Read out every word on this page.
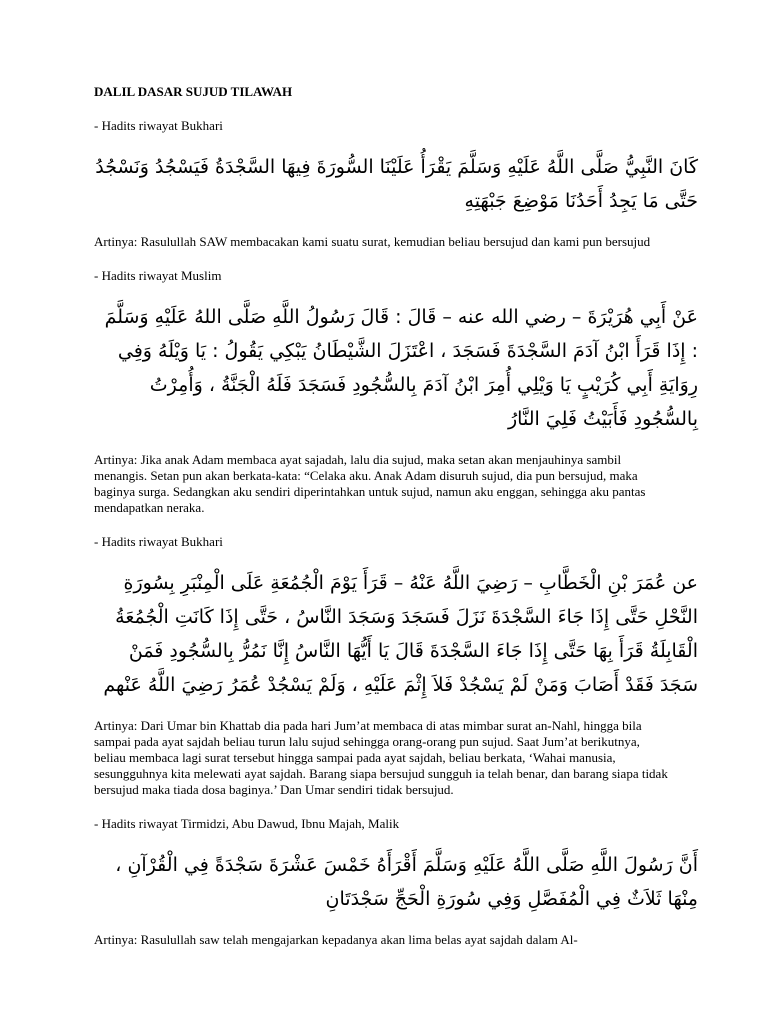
DALIL DASAR SUJUD TILAWAH
- Hadits riwayat Bukhari
كَانَ النَّبِيُّ صَلَّى اللَّهُ عَلَيْهِ وَسَلَّمَ يَقْرَأُ عَلَيْنَا السُّورَةَ فِيهَا السَّجْدَةُ فَيَسْجُدُ وَنَسْجُدُ حَتَّى مَا يَجِدُ أَحَدُنَا مَوْضِعَ جَبْهَتِهِ
Artinya: Rasulullah SAW membacakan kami suatu surat, kemudian beliau bersujud dan kami pun bersujud
- Hadits riwayat Muslim
عَنْ أَبِي هُرَيْرَةَ – رضي الله عنه – قَالَ : قَالَ رَسُولُ اللَّهِ صَلَّى اللهُ عَلَيْهِ وَسَلَّمَ : إِذَا قَرَأَ ابْنُ آدَمَ السَّجْدَةَ فَسَجَدَ ، اعْتَزَلَ الشَّيْطَانُ يَبْكِي يَقُولُ : يَا وَيْلَهُ وَفِي رِوَايَةِ أَبِي كُرَيْبٍ يَا وَيْلِي أُمِرَ ابْنُ آدَمَ بِالسُّجُودِ فَسَجَدَ فَلَهُ الْجَنَّةُ ، وَأُمِرْتُ بِالسُّجُودِ فَأَبَيْتُ فَلِيَ النَّارُ
Artinya: Jika anak Adam membaca ayat sajadah, lalu dia sujud, maka setan akan menjauhinya sambil menangis. Setan pun akan berkata-kata: “Celaka aku. Anak Adam disuruh sujud, dia pun bersujud, maka baginya surga. Sedangkan aku sendiri diperintahkan untuk sujud, namun aku enggan, sehingga aku pantas mendapatkan neraka.
- Hadits riwayat Bukhari
عن عُمَرَ بْنِ الْخَطَّابِ – رَضِيَ اللَّهُ عَنْهُ – قَرَأَ يَوْمَ الْجُمُعَةِ عَلَى الْمِنْبَرِ بِسُورَةِ النَّحْلِ حَتَّى إِذَا جَاءَ السَّجْدَةَ نَزَلَ فَسَجَدَ وَسَجَدَ النَّاسُ ، حَتَّى إِذَا كَانَتِ الْجُمُعَةُ الْقَابِلَةُ قَرَأَ بِهَا حَتَّى إِذَا جَاءَ السَّجْدَةَ قَالَ يَا أَيُّهَا النَّاسُ إِنَّا نَمُرُّ بِالسُّجُودِ فَمَنْ سَجَدَ فَقَدْ أَصَابَ وَمَنْ لَمْ يَسْجُدْ فَلاَ إِثْمَ عَلَيْهِ ، وَلَمْ يَسْجُدْ عُمَرُ رَضِيَ اللَّهُ عَنْهم
Artinya: Dari Umar bin Khattab dia pada hari Jum’at membaca di atas mimbar surat an-Nahl, hingga bila sampai pada ayat sajdah beliau turun lalu sujud sehingga orang-orang pun sujud. Saat Jum’at berikutnya, beliau membaca lagi surat tersebut hingga sampai pada ayat sajdah, beliau berkata, ‘Wahai manusia, sesungguhnya kita melewati ayat sajdah. Barang siapa bersujud sungguh ia telah benar, dan barang siapa tidak bersujud maka tiada dosa baginya.’ Dan Umar sendiri tidak bersujud.
- Hadits riwayat Tirmidzi, Abu Dawud, Ibnu Majah, Malik
أَنَّ رَسُولَ اللَّهِ صَلَّى اللَّهُ عَلَيْهِ وَسَلَّمَ أَقْرَأَهُ خَمْسَ عَشْرَةَ سَجْدَةً فِي الْقُرْآنِ ، مِنْهَا ثَلاَثٌ فِي الْمُفَصَّلِ وَفِي سُورَةِ الْحَجِّ سَجْدَتَانِ
Artinya: Rasulullah saw telah mengajarkan kepadanya akan lima belas ayat sajdah dalam Al-
